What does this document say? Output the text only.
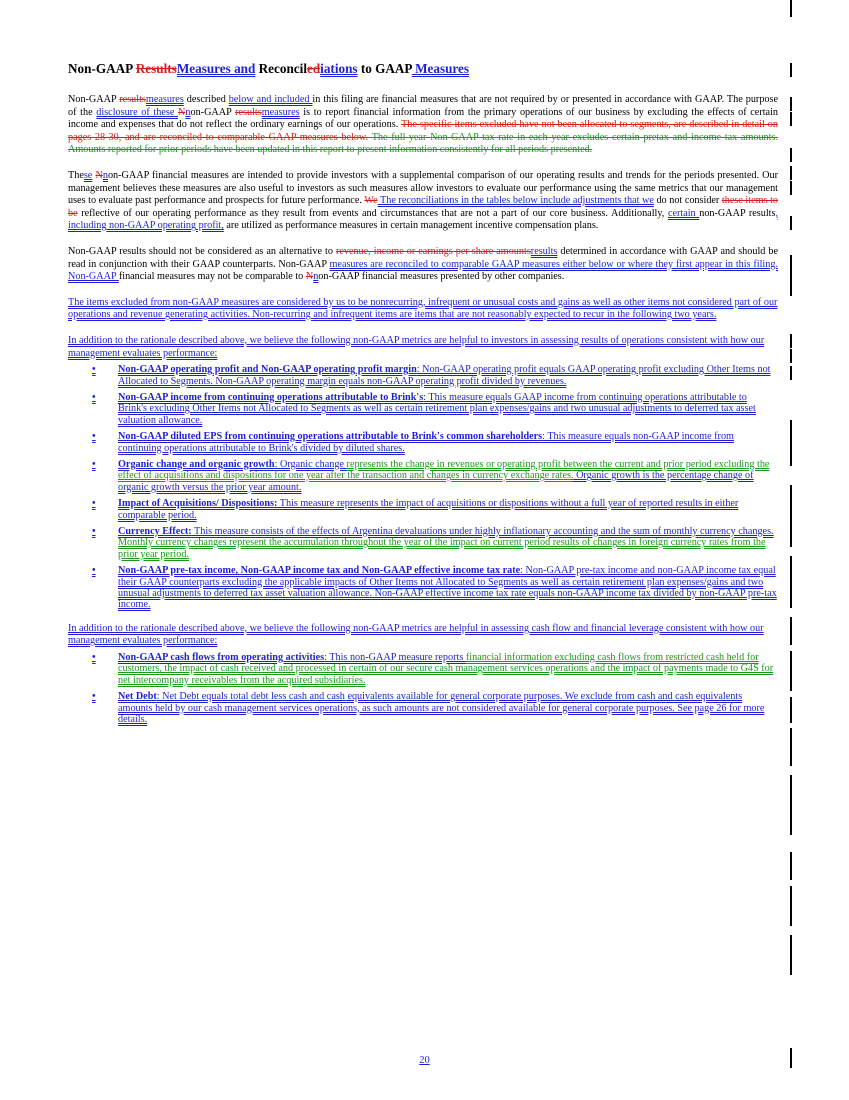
Non-GAAP ResultsMeasures and Reconcilediations to GAAP Measures

Non-GAAP resultsmeasures described below and included in this filing are financial measures that are not required by or presented in accordance with GAAP. The purpose of the disclosure of these Nnon-GAAP resultsmeasures is to report financial information from the primary operations of our business by excluding the effects of certain income and expenses that do not reflect the ordinary earnings of our operations. The specific items excluded have not been allocated to segments, are described in detail on pages 28-30, and are reconciled to comparable GAAP measures below. The full-year Non-GAAP tax rate in each year excludes certain pretax and income tax amounts. Amounts reported for prior periods have been updated in this report to present information consistently for all periods presented.

These Nnon-GAAP financial measures are intended to provide investors with a supplemental comparison of our operating results and trends for the periods presented. Our management believes these measures are also useful to investors as such measures allow investors to evaluate our performance using the same metrics that our management uses to evaluate past performance and prospects for future performance. We The reconciliations in the tables below include adjustments that we do not consider these items to be reflective of our operating performance as they result from events and circumstances that are not a part of our core business. Additionally, certain non-GAAP results, including non-GAAP operating profit, are utilized as performance measures in certain management incentive compensation plans.

Non-GAAP results should not be considered as an alternative to revenue, income or earnings per share amountsresults determined in accordance with GAAP and should be read in conjunction with their GAAP counterparts. Non-GAAP measures are reconciled to comparable GAAP measures either below or where they first appear in this filing. Non-GAAP financial measures may not be comparable to Nnon-GAAP financial measures presented by other companies.

The items excluded from non-GAAP measures are considered by us to be nonrecurring, infrequent or unusual costs and gains as well as other items not considered part of our operations and revenue generating activities. Non-recurring and infrequent items are items that are not reasonably expected to recur in the following two years.

In addition to the rationale described above, we believe the following non-GAAP metrics are helpful to investors in assessing results of operations consistent with how our management evaluates performance:

• Non-GAAP operating profit and Non-GAAP operating profit margin: Non-GAAP operating profit equals GAAP operating profit excluding Other Items not Allocated to Segments. Non-GAAP operating margin equals non-GAAP operating profit divided by revenues.
• Non-GAAP income from continuing operations attributable to Brink's: This measure equals GAAP income from continuing operations attributable to Brink's excluding Other Items not Allocated to Segments as well as certain retirement plan expenses/gains and two unusual adjustments to deferred tax asset valuation allowance.
• Non-GAAP diluted EPS from continuing operations attributable to Brink's common shareholders: This measure equals non-GAAP income from continuing operations attributable to Brink's divided by diluted shares.
• Organic change and organic growth: Organic change represents the change in revenues or operating profit between the current and prior period excluding the effect of acquisitions and dispositions for one year after the transaction and changes in currency exchange rates. Organic growth is the percentage change of organic growth versus the prior year amount.
• Impact of Acquisitions/ Dispositions: This measure represents the impact of acquisitions or dispositions without a full year of reported results in either comparable period.
• Currency Effect: This measure consists of the effects of Argentina devaluations under highly inflationary accounting and the sum of monthly currency changes. Monthly currency changes represent the accumulation throughout the year of the impact on current period results of changes in foreign currency rates from the prior year period.
• Non-GAAP pre-tax income, Non-GAAP income tax and Non-GAAP effective income tax rate: Non-GAAP pre-tax income and non-GAAP income tax equal their GAAP counterparts excluding the applicable impacts of Other Items not Allocated to Segments as well as certain retirement plan expenses/gains and two unusual adjustments to deferred tax asset valuation allowance. Non-GAAP effective income tax rate equals non-GAAP income tax divided by non-GAAP pre-tax income.

In addition to the rationale described above, we believe the following non-GAAP metrics are helpful in assessing cash flow and financial leverage consistent with how our management evaluates performance:

• Non-GAAP cash flows from operating activities: This non-GAAP measure reports financial information excluding cash flows from restricted cash held for customers, the impact of cash received and processed in certain of our secure cash management services operations and the impact of payments made to G4S for net intercompany receivables from the acquired subsidiaries.
• Net Debt: Net Debt equals total debt less cash and cash equivalents available for general corporate purposes. We exclude from cash and cash equivalents amounts held by our cash management services operations, as such amounts are not considered available for general corporate purposes. See page 26 for more details.
20
